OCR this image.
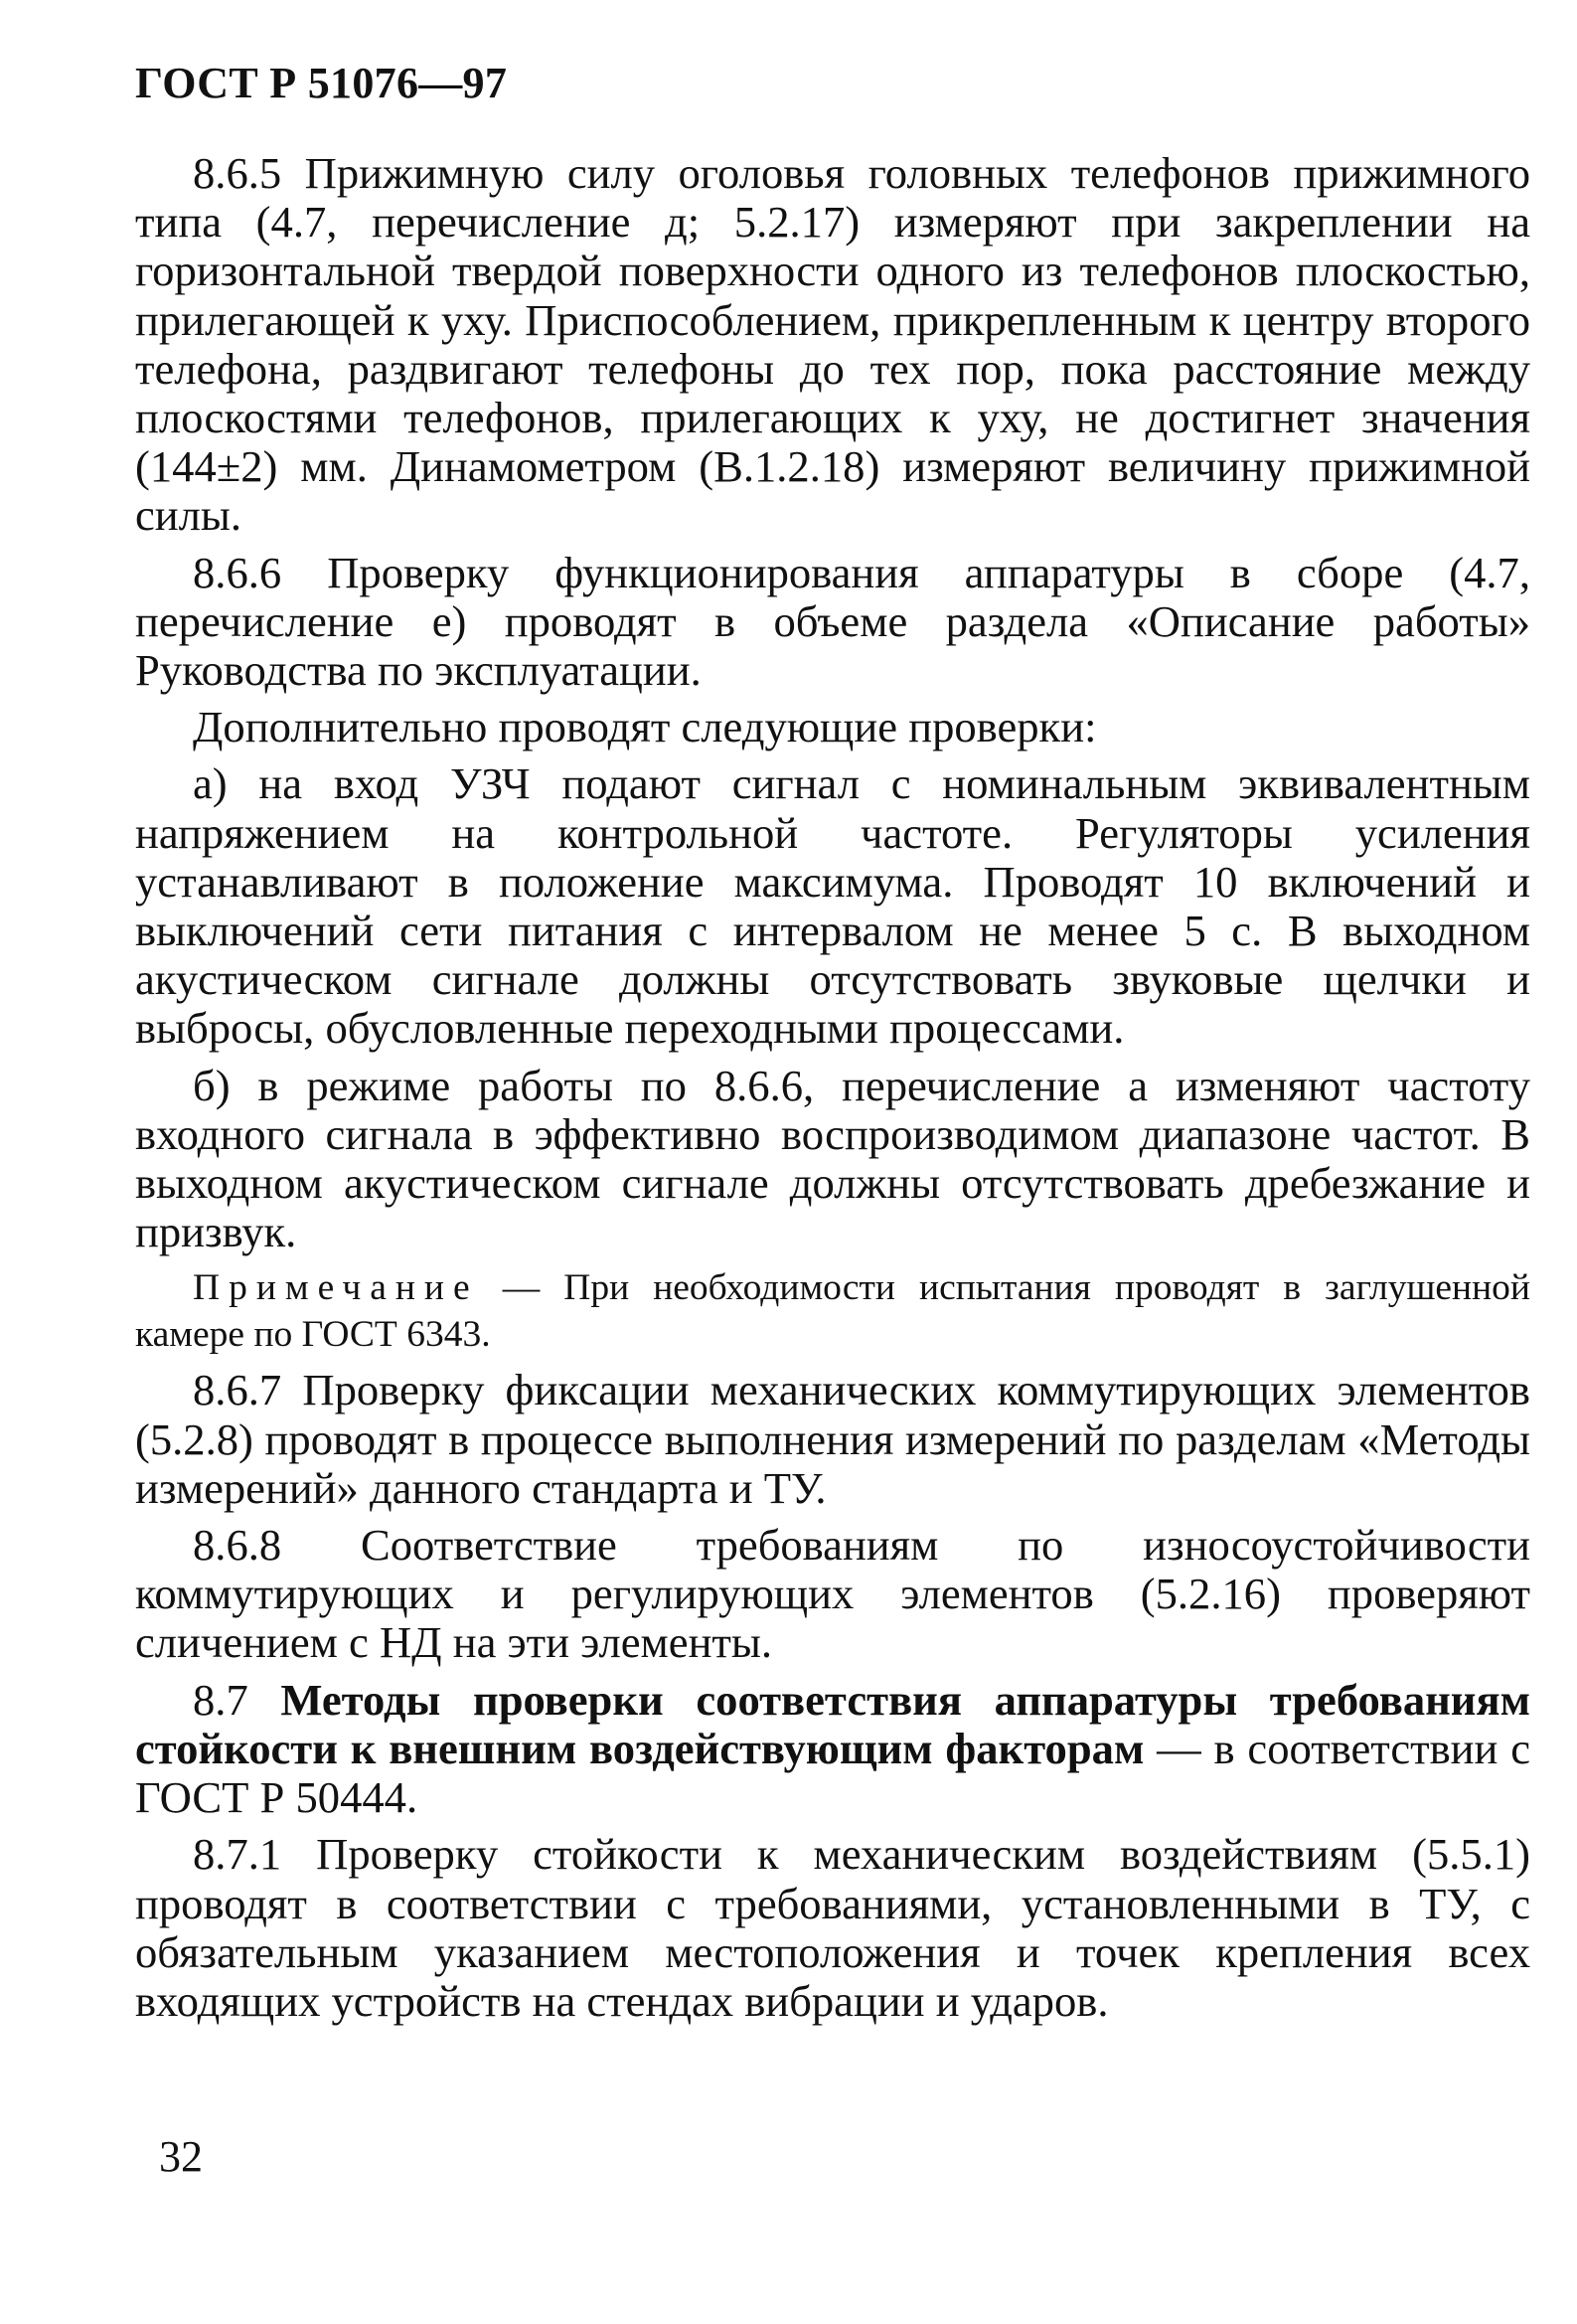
ГОСТ Р 51076—97

8.6.5 Прижимную силу оголовья головных телефонов прижимного типа (4.7, перечисление д; 5.2.17) измеряют при закреплении на горизонтальной твердой поверхности одного из телефонов плоскостью, прилегающей к уху. Приспособлением, прикрепленным к центру второго телефона, раздвигают телефоны до тех пор, пока расстояние между плоскостями телефонов, прилегающих к уху, не достигнет значения (144±2) мм. Динамометром (В.1.2.18) измеряют величину прижимной силы.

8.6.6 Проверку функционирования аппаратуры в сборе (4.7, перечисление е) проводят в объеме раздела «Описание работы» Руководства по эксплуатации.

Дополнительно проводят следующие проверки:

а) на вход УЗЧ подают сигнал с номинальным эквивалентным напряжением на контрольной частоте. Регуляторы усиления устанавливают в положение максимума. Проводят 10 включений и выключений сети питания с интервалом не менее 5 с. В выходном акустическом сигнале должны отсутствовать звуковые щелчки и выбросы, обусловленные переходными процессами.

б) в режиме работы по 8.6.6, перечисление а изменяют частоту входного сигнала в эффективно воспроизводимом диапазоне частот. В выходном акустическом сигнале должны отсутствовать дребезжание и призвук.

Примечание — При необходимости испытания проводят в заглушенной камере по ГОСТ 6343.

8.6.7 Проверку фиксации механических коммутирующих элементов (5.2.8) проводят в процессе выполнения измерений по разделам «Методы измерений» данного стандарта и ТУ.

8.6.8 Соответствие требованиям по износоустойчивости коммутирующих и регулирующих элементов (5.2.16) проверяют сличением с НД на эти элементы.

8.7 Методы проверки соответствия аппаратуры требованиям стойкости к внешним воздействующим факторам — в соответствии с ГОСТ Р 50444.

8.7.1 Проверку стойкости к механическим воздействиям (5.5.1) проводят в соответствии с требованиями, установленными в ТУ, с обязательным указанием местоположения и точек крепления всех входящих устройств на стендах вибрации и ударов.

32
